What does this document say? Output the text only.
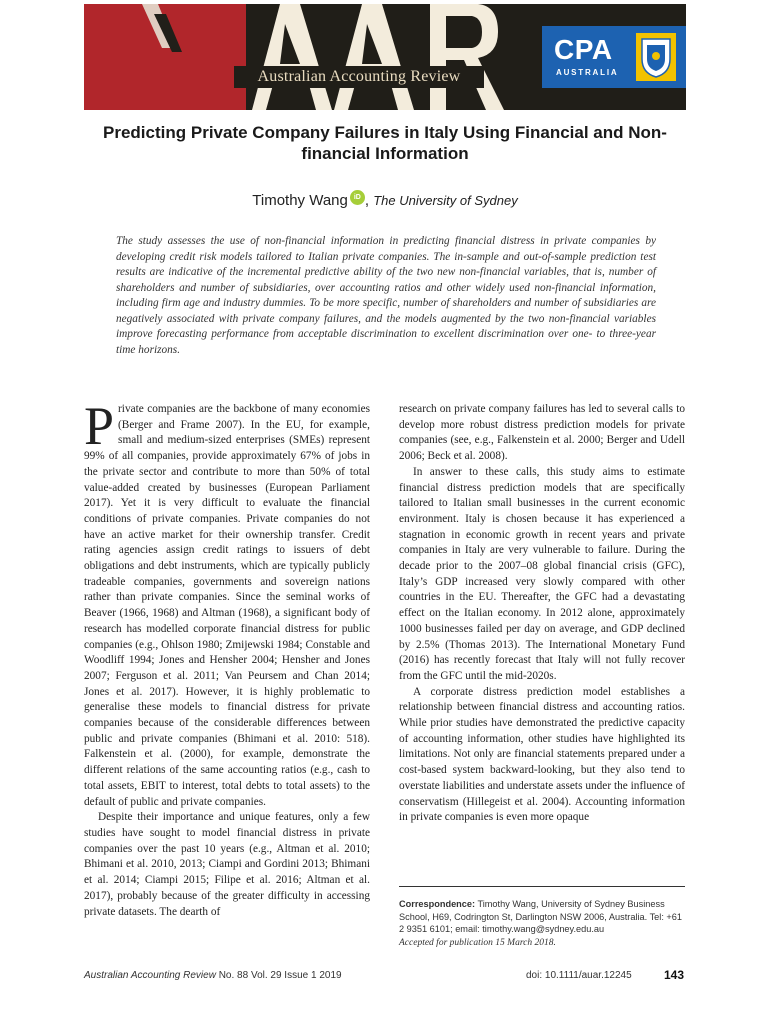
Australian Accounting Review
CPA
AUSTRALIA
Predicting Private Company Failures in Italy Using Financial and Non-financial Information
Timothy Wang iD , The University of Sydney

The study assesses the use of non-financial information in predicting financial distress in private companies by developing credit risk models tailored to Italian private companies. The in-sample and out-of-sample prediction test results are indicative of the incremental predictive ability of the two new non-financial variables, that is, number of shareholders and number of subsidiaries, over accounting ratios and other widely used non-financial information, including firm age and industry dummies. To be more specific, number of shareholders and number of subsidiaries are negatively associated with private company failures, and the models augmented by the two non-financial variables improve forecasting performance from acceptable discrimination to excellent discrimination over one- to three-year time horizons.

Private companies are the backbone of many economies (Berger and Frame 2007). In the EU, for example, small and medium-sized enterprises (SMEs) represent 99% of all companies, provide approximately 67% of jobs in the private sector and contribute to more than 50% of total value-added created by businesses (European Parliament 2017). Yet it is very difficult to evaluate the financial conditions of private companies. Private companies do not have an active market for their ownership transfer. Credit rating agencies assign credit ratings to issuers of debt obligations and debt instruments, which are typically publicly tradeable companies, governments and sovereign nations rather than private companies. Since the seminal works of Beaver (1966, 1968) and Altman (1968), a significant body of research has modelled corporate financial distress for public companies (e.g., Ohlson 1980; Zmijewski 1984; Constable and Woodliff 1994; Jones and Hensher 2004; Hensher and Jones 2007; Ferguson et al. 2011; Van Peursem and Chan 2014; Jones et al. 2017). However, it is highly problematic to generalise these models to financial distress for private companies because of the considerable differences between public and private companies (Bhimani et al. 2010: 518). Falkenstein et al. (2000), for example, demonstrate the different relations of the same accounting ratios (e.g., cash to total assets, EBIT to interest, total debts to total assets) to the default of public and private companies.

Despite their importance and unique features, only a few studies have sought to model financial distress in private companies over the past 10 years (e.g., Altman et al. 2010; Bhimani et al. 2010, 2013; Ciampi and Gordini 2013; Bhimani et al. 2014; Ciampi 2015; Filipe et al. 2016; Altman et al. 2017), probably because of the greater difficulty in accessing private datasets. The dearth of

research on private company failures has led to several calls to develop more robust distress prediction models for private companies (see, e.g., Falkenstein et al. 2000; Berger and Udell 2006; Beck et al. 2008).

In answer to these calls, this study aims to estimate financial distress prediction models that are specifically tailored to Italian small businesses in the current economic environment. Italy is chosen because it has experienced a stagnation in economic growth in recent years and private companies in Italy are very vulnerable to failure. During the decade prior to the 2007–08 global financial crisis (GFC), Italy’s GDP increased very slowly compared with other countries in the EU. Thereafter, the GFC had a devastating effect on the Italian economy. In 2012 alone, approximately 1000 businesses failed per day on average, and GDP declined by 2.5% (Thomas 2013). The International Monetary Fund (2016) has recently forecast that Italy will not fully recover from the GFC until the mid-2020s.

A corporate distress prediction model establishes a relationship between financial distress and accounting ratios. While prior studies have demonstrated the predictive capacity of accounting information, other studies have highlighted its limitations. Not only are financial statements prepared under a cost-based system backward-looking, but they also tend to overstate liabilities and understate assets under the influence of conservatism (Hillegeist et al. 2004). Accounting information in private companies is even more opaque

Correspondence: Timothy Wang, University of Sydney Business School, H69, Codrington St, Darlington NSW 2006, Australia. Tel: +61 2 9351 6101; email: timothy.wang@sydney.edu.au
Accepted for publication 15 March 2018.
Australian Accounting Review No. 88 Vol. 29 Issue 1 2019	doi: 10.1111/auar.12245	143
